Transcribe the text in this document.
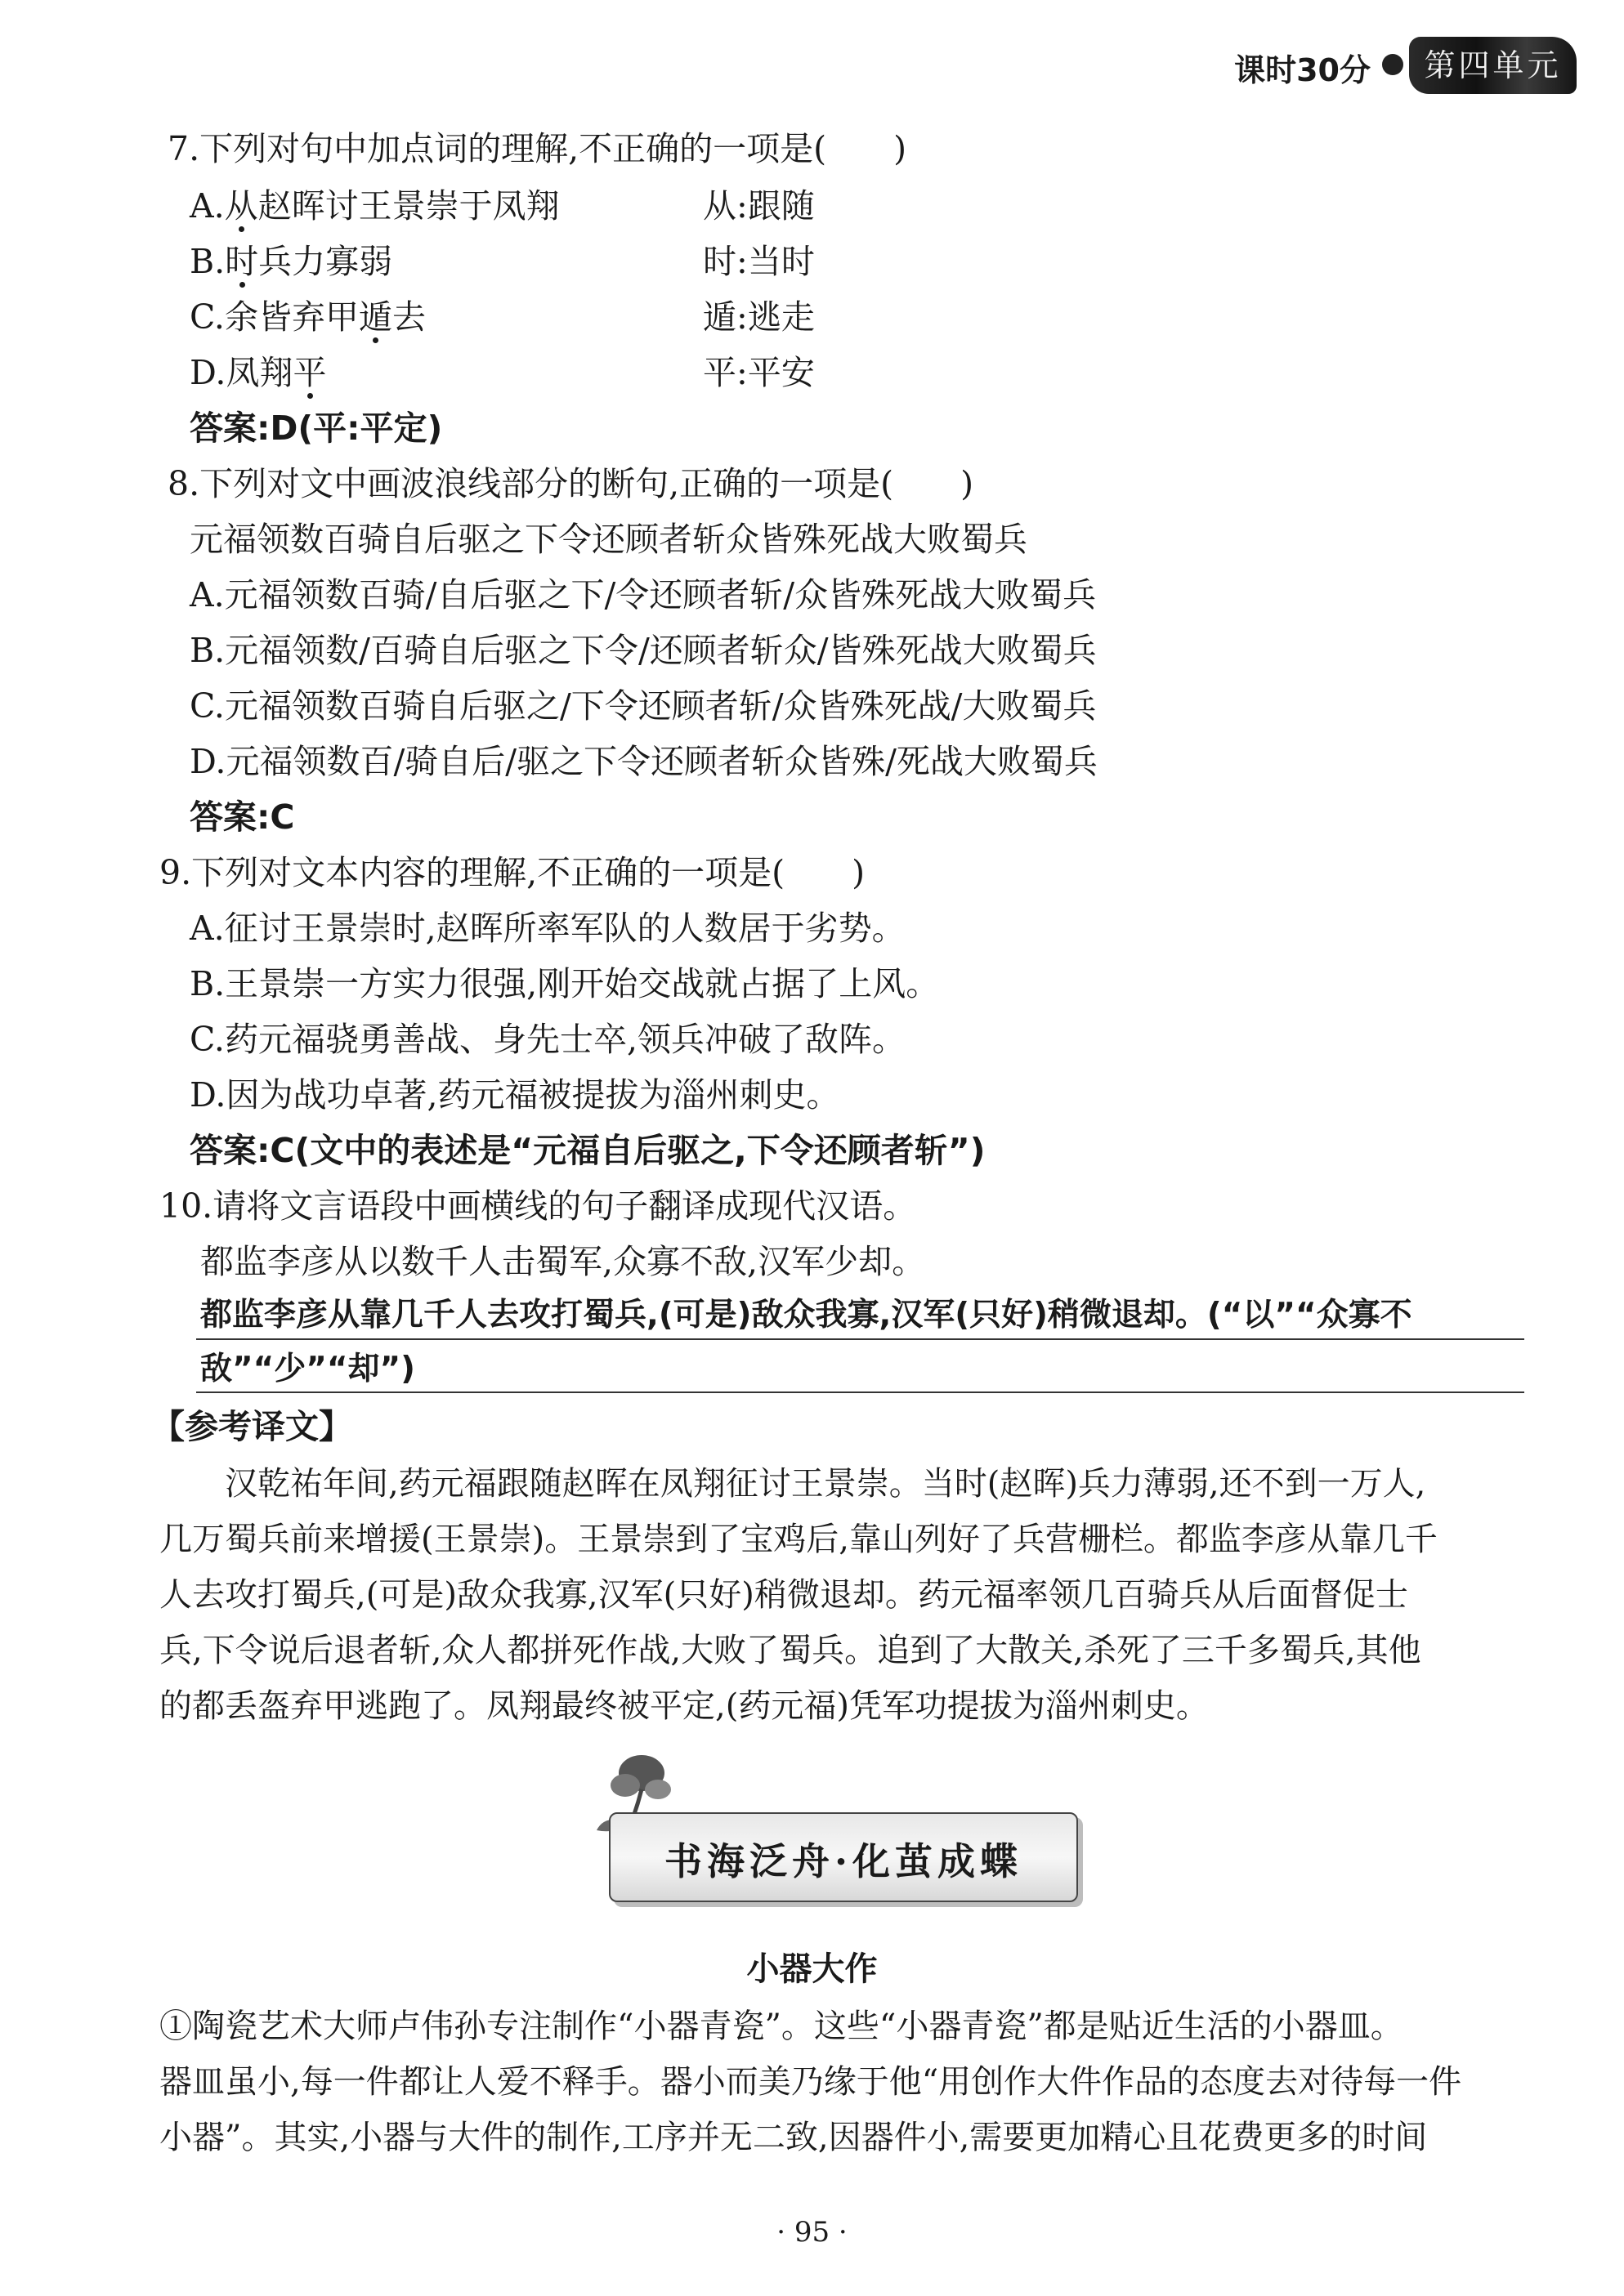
课时30分	第四单元
7.下列对句中加点词的理解,不正确的一项是(　　)
A.从赵晖讨王景崇于凤翔	从:跟随
B.时兵力寡弱	时:当时
C.余皆弃甲遁去	遁:逃走
D.凤翔平	平:平安
答案:D(平:平定)
8.下列对文中画波浪线部分的断句,正确的一项是(　　)
元福领数百骑自后驱之下令还顾者斩众皆殊死战大败蜀兵
A.元福领数百骑/自后驱之下/令还顾者斩/众皆殊死战大败蜀兵
B.元福领数/百骑自后驱之下令/还顾者斩众/皆殊死战大败蜀兵
C.元福领数百骑自后驱之/下令还顾者斩/众皆殊死战/大败蜀兵
D.元福领数百/骑自后/驱之下令还顾者斩众皆殊/死战大败蜀兵
答案:C
9.下列对文本内容的理解,不正确的一项是(　　)
A.征讨王景崇时,赵晖所率军队的人数居于劣势。
B.王景崇一方实力很强,刚开始交战就占据了上风。
C.药元福骁勇善战、身先士卒,领兵冲破了敌阵。
D.因为战功卓著,药元福被提拔为淄州刺史。
答案:C(文中的表述是“元福自后驱之,下令还顾者斩”)
10.请将文言语段中画横线的句子翻译成现代汉语。
都监李彦从以数千人击蜀军,众寡不敌,汉军少却。
都监李彦从靠几千人去攻打蜀兵,(可是)敌众我寡,汉军(只好)稍微退却。(“以”“众寡不
敌”“少”“却”)
【参考译文】
　　汉乾祐年间,药元福跟随赵晖在凤翔征讨王景崇。当时(赵晖)兵力薄弱,还不到一万人,
几万蜀兵前来增援(王景崇)。王景崇到了宝鸡后,靠山列好了兵营栅栏。都监李彦从靠几千
人去攻打蜀兵,(可是)敌众我寡,汉军(只好)稍微退却。药元福率领几百骑兵从后面督促士
兵,下令说后退者斩,众人都拼死作战,大败了蜀兵。追到了大散关,杀死了三千多蜀兵,其他
的都丢盔弃甲逃跑了。凤翔最终被平定,(药元福)凭军功提拔为淄州刺史。
书海泛舟·化茧成蝶
小器大作
①陶瓷艺术大师卢伟孙专注制作“小器青瓷”。这些“小器青瓷”都是贴近生活的小器皿。
器皿虽小,每一件都让人爱不释手。器小而美乃缘于他“用创作大件作品的态度去对待每一件
小器”。其实,小器与大件的制作,工序并无二致,因器件小,需要更加精心且花费更多的时间
· 95 ·
